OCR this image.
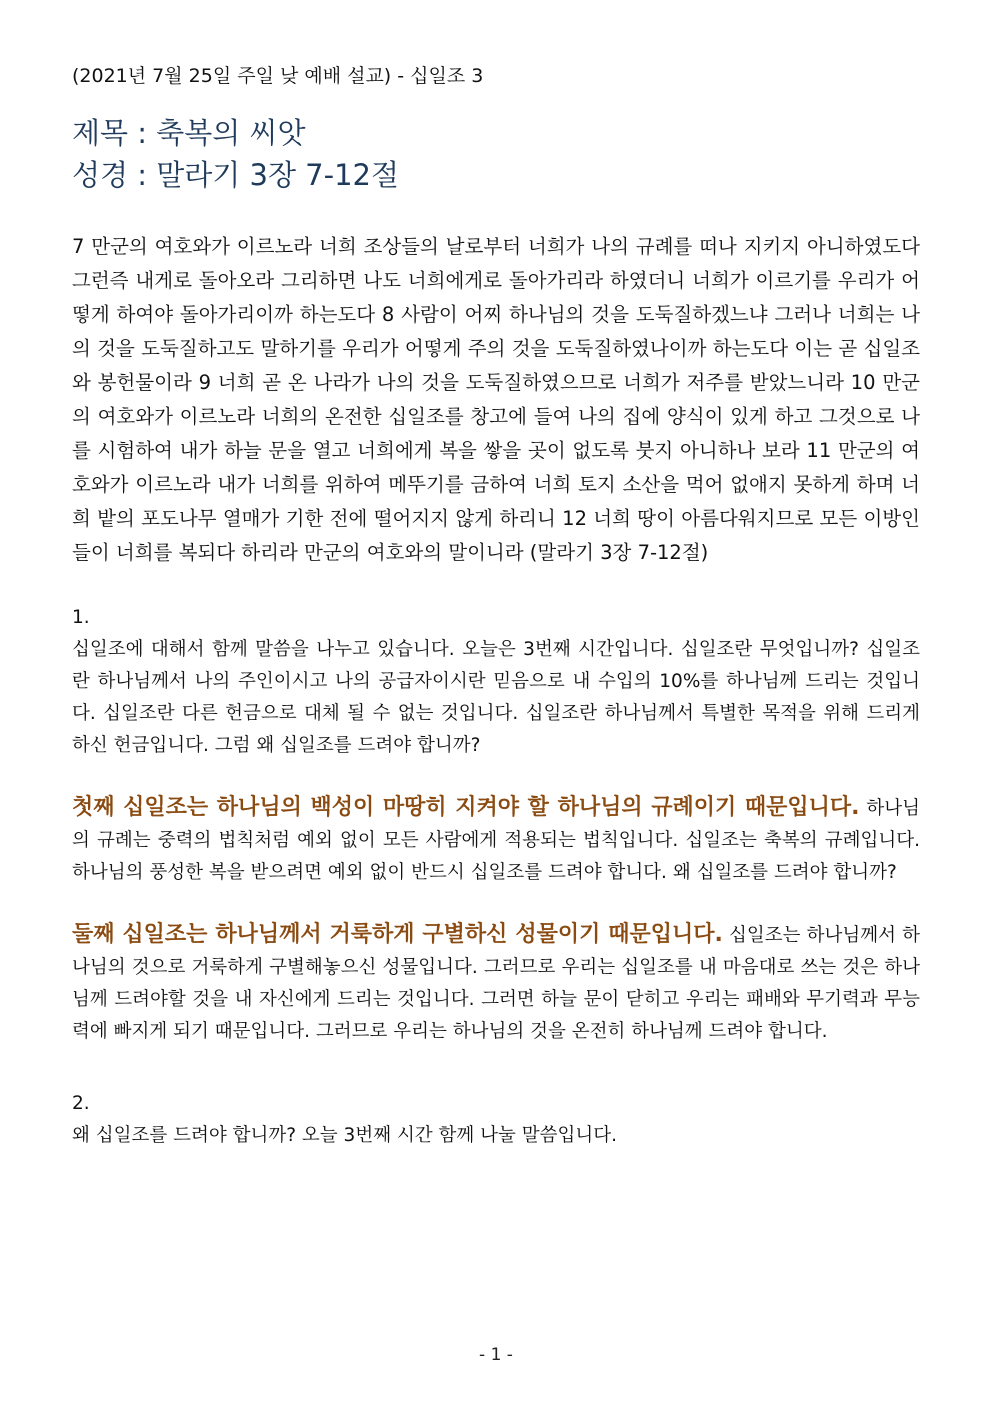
(2021년 7월 25일 주일 낮 예배 설교) - 십일조 3

제목 : 축복의 씨앗

성경 : 말라기 3장 7-12절

7 만군의 여호와가 이르노라 너희 조상들의 날로부터 너희가 나의 규례를 떠나 지키지 아니하였도다 그런즉 내게로 돌아오라 그리하면 나도 너희에게로 돌아가리라 하였더니 너희가 이르기를 우리가 어떻게 하여야 돌아가리이까 하는도다 8 사람이 어찌 하나님의 것을 도둑질하겠느냐 그러나 너희는 나의 것을 도둑질하고도 말하기를 우리가 어떻게 주의 것을 도둑질하였나이까 하는도다 이는 곧 십일조와 봉헌물이라 9 너희 곧 온 나라가 나의 것을 도둑질하였으므로 너희가 저주를 받았느니라 10 만군의 여호와가 이르노라 너희의 온전한 십일조를 창고에 들여 나의 집에 양식이 있게 하고 그것으로 나를 시험하여 내가 하늘 문을 열고 너희에게 복을 쌓을 곳이 없도록 붓지 아니하나 보라 11 만군의 여호와가 이르노라 내가 너희를 위하여 메뚜기를 금하여 너희 토지 소산을 먹어 없애지 못하게 하며 너희 밭의 포도나무 열매가 기한 전에 떨어지지 않게 하리니 12 너희 땅이 아름다워지므로 모든 이방인들이 너희를 복되다 하리라 만군의 여호와의 말이니라 (말라기 3장 7-12절)

1.

십일조에 대해서 함께 말씀을 나누고 있습니다. 오늘은 3번째 시간입니다. 십일조란 무엇입니까? 십일조란 하나님께서 나의 주인이시고 나의 공급자이시란 믿음으로 내 수입의 10%를 하나님께 드리는 것입니다. 십일조란 다른 헌금으로 대체 될 수 없는 것입니다. 십일조란 하나님께서 특별한 목적을 위해 드리게 하신 헌금입니다. 그럼 왜 십일조를 드려야 합니까?

첫째 십일조는 하나님의 백성이 마땅히 지켜야 할 하나님의 규례이기 때문입니다. 하나님의 규례는 중력의 법칙처럼 예외 없이 모든 사람에게 적용되는 법칙입니다. 십일조는 축복의 규례입니다. 하나님의 풍성한 복을 받으려면 예외 없이 반드시 십일조를 드려야 합니다. 왜 십일조를 드려야 합니까?

둘째 십일조는 하나님께서 거룩하게 구별하신 성물이기 때문입니다. 십일조는 하나님께서 하나님의 것으로 거룩하게 구별해놓으신 성물입니다. 그러므로 우리는 십일조를 내 마음대로 쓰는 것은 하나님께 드려야할 것을 내 자신에게 드리는 것입니다. 그러면 하늘 문이 닫히고 우리는 패배와 무기력과 무능력에 빠지게 되기 때문입니다. 그러므로 우리는 하나님의 것을 온전히 하나님께 드려야 합니다.

2.

왜 십일조를 드려야 합니까? 오늘 3번째 시간 함께 나눌 말씀입니다.

- 1 -
